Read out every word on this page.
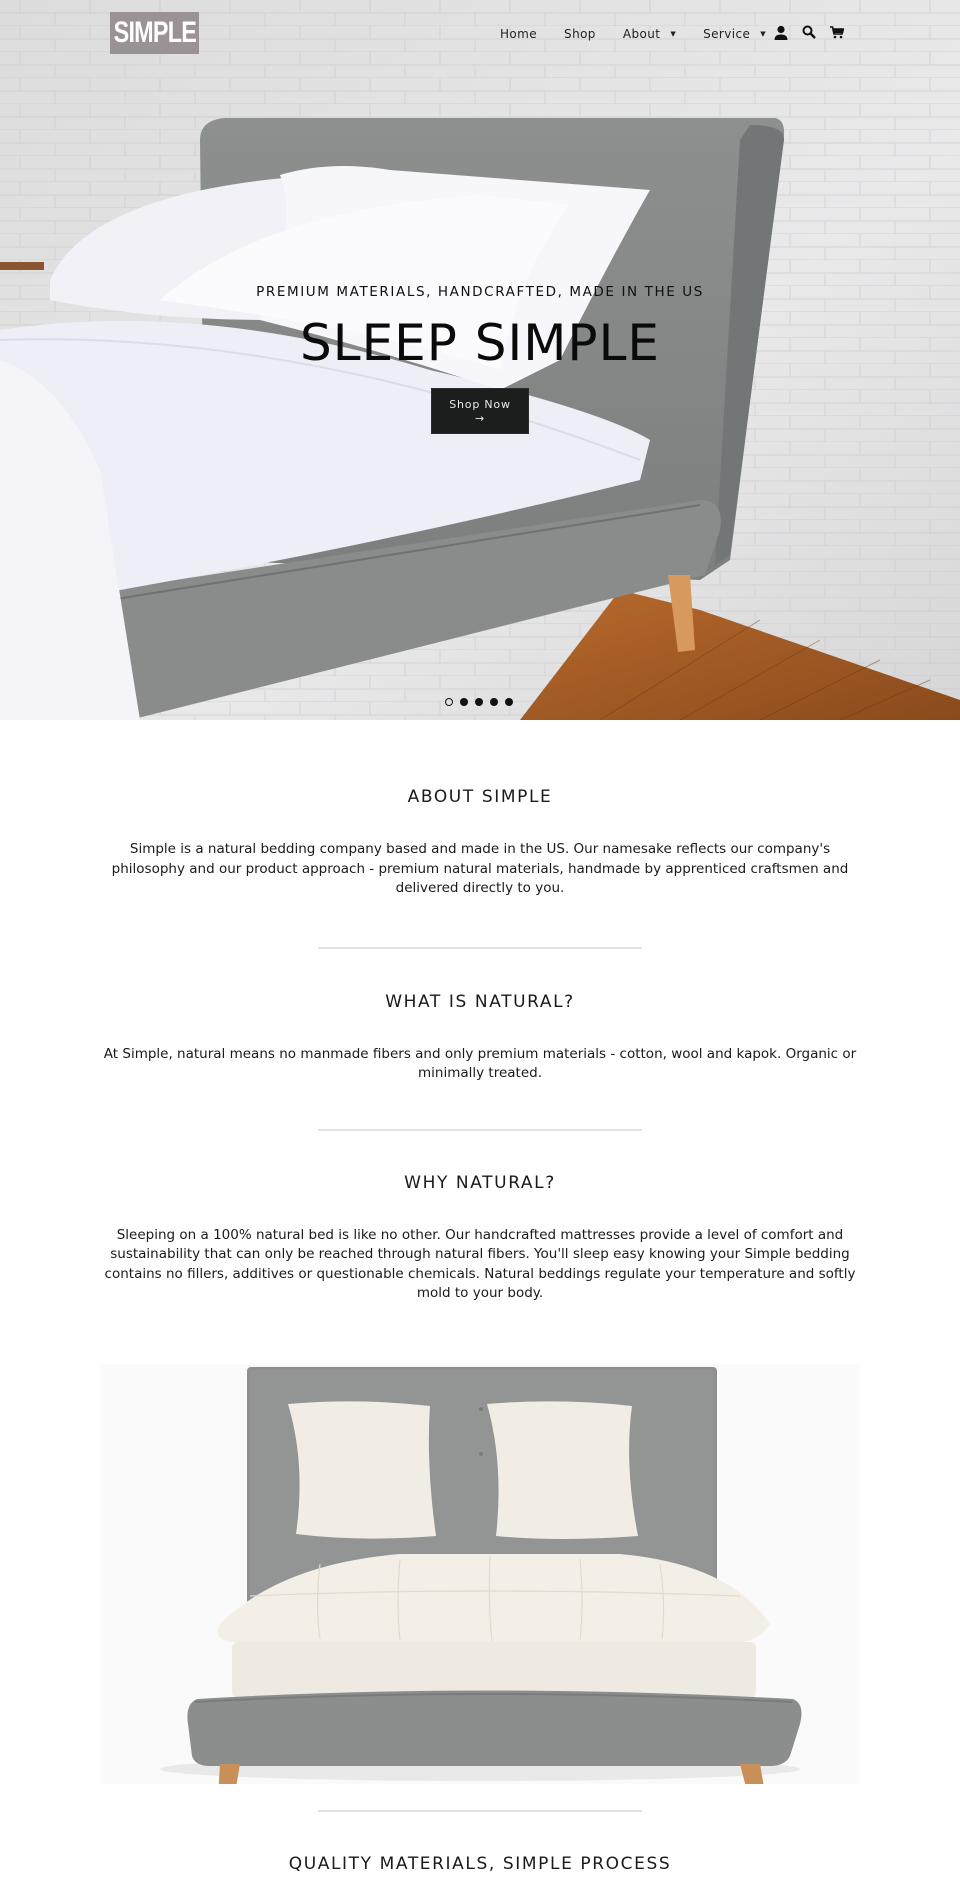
SIMPLE	Home Shop About ▼ Service ▼
PREMIUM MATERIALS, HANDCRAFTED, MADE IN THE US
SLEEP SIMPLE
Shop Now
→
ABOUT SIMPLE

Simple is a natural bedding company based and made in the US. Our namesake reflects our company's philosophy and our product approach - premium natural materials, handmade by apprenticed craftsmen and delivered directly to you.

WHAT IS NATURAL?

At Simple, natural means no manmade fibers and only premium materials - cotton, wool and kapok. Organic or minimally treated.

WHY NATURAL?

Sleeping on a 100% natural bed is like no other. Our handcrafted mattresses provide a level of comfort and sustainability that can only be reached through natural fibers. You'll sleep easy knowing your Simple bedding contains no fillers, additives or questionable chemicals. Natural beddings regulate your temperature and softly mold to your body.

QUALITY MATERIALS, SIMPLE PROCESS
